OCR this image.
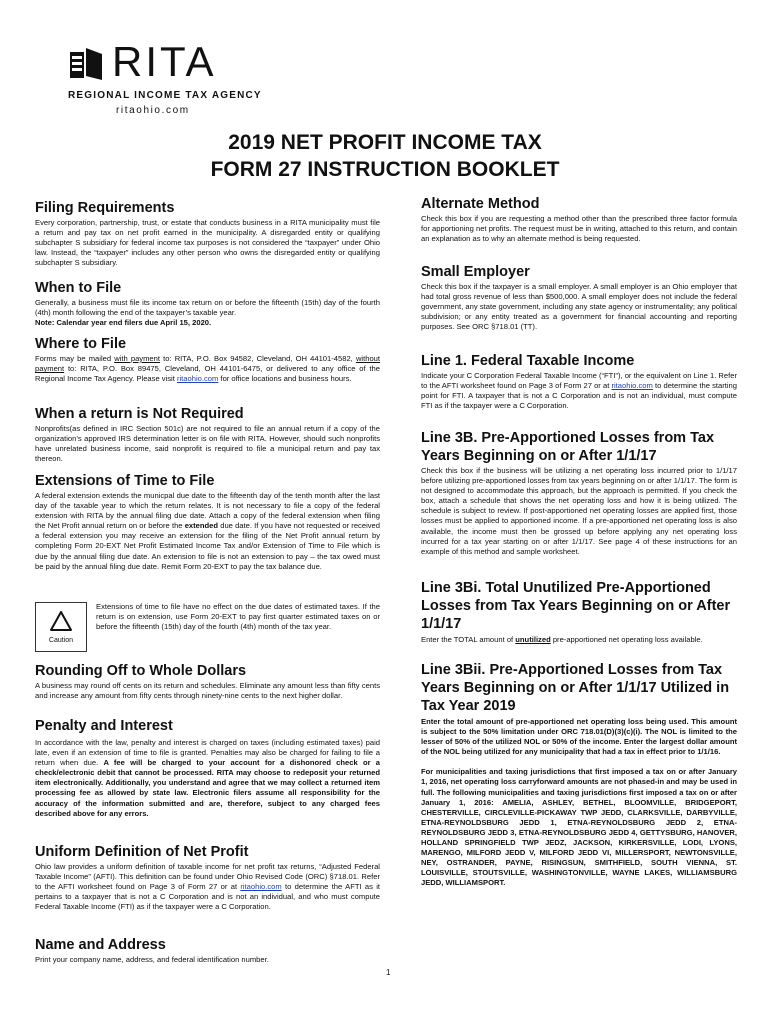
RITA
REGIONAL INCOME TAX AGENCY
ritaohio.com
2019 NET PROFIT INCOME TAX
FORM 27 INSTRUCTION BOOKLET
Filing Requirements

Every corporation, partnership, trust, or estate that conducts business in a RITA municipality must file a return and pay tax on net profit earned in the municipality. A disregarded entity or qualifying subchapter S subsidiary for federal income tax purposes is not considered the “taxpayer” under Ohio law. Instead, the “taxpayer” includes any other person who owns the disregarded entity or qualifying subchapter S subsidiary.

When to File

Generally, a business must file its income tax return on or before the fifteenth (15th) day of the fourth (4th) month following the end of the taxpayer’s taxable year.

Note: Calendar year end filers due April 15, 2020.

Where to File

Forms may be mailed with payment to: RITA, P.O. Box 94582, Cleveland, OH 44101-4582, without payment to: RITA, P.O. Box 89475, Cleveland, OH 44101-6475, or delivered to any office of the Regional Income Tax Agency. Please visit ritaohio.com for office locations and business hours.

When a return is Not Required

Nonprofits(as defined in IRC Section 501c) are not required to file an annual return if a copy of the organization’s approved IRS determination letter is on file with RITA. However, should such nonprofits have unrelated business income, said nonprofit is required to file a municipal return and pay tax thereon.

Extensions of Time to File

A federal extension extends the municpal due date to the fifteenth day of the tenth month after the last day of the taxable year to which the return relates. It is not necessary to file a copy of the federal extension with RITA by the annual filing due date. Attach a copy of the federal extension when filing the Net Profit annual return on or before the extended due date. If you have not requested or received a federal extension you may receive an extension for the filing of the Net Profit annual return by completing Form 20-EXT Net Profit Estimated Income Tax and/or Extension of Time to File which is due by the annual filing due date. An extension to file is not an extension to pay – the tax owed must be paid by the annual filing due date. Remit Form 20-EXT to pay the tax balance due.

Caution

Extensions of time to file have no effect on the due dates of estimated taxes. If the return is on extension, use Form 20-EXT to pay first quarter estimated taxes on or before the fifteenth (15th) day of the fourth (4th) month of the tax year.

Rounding Off to Whole Dollars

A business may round off cents on its return and schedules. Eliminate any amount less than fifty cents and increase any amount from fifty cents through ninety-nine cents to the next higher dollar.

Penalty and Interest

In accordance with the law, penalty and interest is charged on taxes (including estimated taxes) paid late, even if an extension of time to file is granted. Penalties may also be charged for failing to file a return when due. A fee will be charged to your account for a dishonored check or a check/electronic debit that cannot be processed. RITA may choose to redeposit your returned item electronically. Additionally, you understand and agree that we may collect a returned item processing fee as allowed by state law. Electronic filers assume all responsibility for the accuracy of the information submitted and are, therefore, subject to any charged fees described above for any errors.

Uniform Definition of Net Profit

Ohio law provides a uniform definition of taxable income for net profit tax returns, “Adjusted Federal Taxable Income” (AFTI). This definition can be found under Ohio Revised Code (ORC) §718.01. Refer to the AFTI worksheet found on Page 3 of Form 27 or at ritaohio.com to determine the AFTI as it pertains to a taxpayer that is not a C Corporation and is not an individual, and who must compute Federal Taxable Income (FTI) as if the taxpayer were a C Corporation.

Name and Address

Print your company name, address, and federal identification number.

Alternate Method

Check this box if you are requesting a method other than the prescribed three factor formula for apportioning net profits. The request must be in writing, attached to this return, and contain an explanation as to why an alternate method is being requested.

Small Employer

Check this box if the taxpayer is a small employer. A small employer is an Ohio employer that had total gross revenue of less than $500,000. A small employer does not include the federal government, any state government, including any state agency or instrumentality; any political subdivision; or any entity treated as a government for financial accounting and reporting purposes. See ORC §718.01 (TT).

Line 1. Federal Taxable Income

Indicate your C Corporation Federal Taxable Income (“FTI”), or the equivalent on Line 1. Refer to the AFTI worksheet found on Page 3 of Form 27 or at ritaohio.com to determine the starting point for FTI. A taxpayer that is not a C Corporation and is not an individual, must compute FTI as if the taxpayer were a C Corporation.

Line 3B. Pre-Apportioned Losses from Tax Years Beginning on or After 1/1/17

Check this box if the business will be utilizing a net operating loss incurred prior to 1/1/17 before utilizing pre-apportioned losses from tax years beginning on or after 1/1/17. The form is not designed to accommodate this approach, but the approach is permitted. If you check the box, attach a schedule that shows the net operating loss and how it is being utilized. The schedule is subject to review. If post-apportioned net operating losses are applied first, those losses must be applied to apportioned income. If a pre-apportioned net operating loss is also available, the income must then be grossed up before applying any net operating loss incurred for a tax year starting on or after 1/1/17. See page 4 of these instructions for an example of this method and sample worksheet.

Line 3Bi. Total Unutilized Pre-Apportioned Losses from Tax Years Beginning on or After 1/1/17

Enter the TOTAL amount of unutilized pre-apportioned net operating loss available.

Line 3Bii. Pre-Apportioned Losses from Tax Years Beginning on or After 1/1/17 Utilized in Tax Year 2019

Enter the total amount of pre-apportioned net operating loss being used. This amount is subject to the 50% limitation under ORC 718.01(D)(3)(c)(i). The NOL is limited to the lesser of 50% of the utilized NOL or 50% of the income. Enter the largest dollar amount of the NOL being utilized for any municipality that had a tax in effect prior to 1/1/16.

For municipalities and taxing jurisdictions that first imposed a tax on or after January 1, 2016, net operating loss carryforward amounts are not phased-in and may be used in full. The following municipalities and taxing jurisdictions first imposed a tax on or after January 1, 2016: AMELIA, ASHLEY, BETHEL, BLOOMVILLE, BRIDGEPORT, CHESTERVILLE, CIRCLEVILLE-PICKAWAY TWP JEDD, CLARKSVILLE, DARBYVILLE, ETNA-REYNOLDSBURG JEDD 1, ETNA-REYNOLDSBURG JEDD 2, ETNA-REYNOLDSBURG JEDD 3, ETNA-REYNOLDSBURG JEDD 4, GETTYSBURG, HANOVER, HOLLAND SPRINGFIELD TWP JEDZ, JACKSON, KIRKERSVILLE, LODI, LYONS, MARENGO, MILFORD JEDD V, MILFORD JEDD VI, MILLERSPORT, NEWTONSVILLE, NEY, OSTRANDER, PAYNE, RISINGSUN, SMITHFIELD, SOUTH VIENNA, ST. LOUISVILLE, STOUTSVILLE, WASHINGTONVILLE, WAYNE LAKES, WILLIAMSBURG JEDD, WILLIAMSPORT.

1
